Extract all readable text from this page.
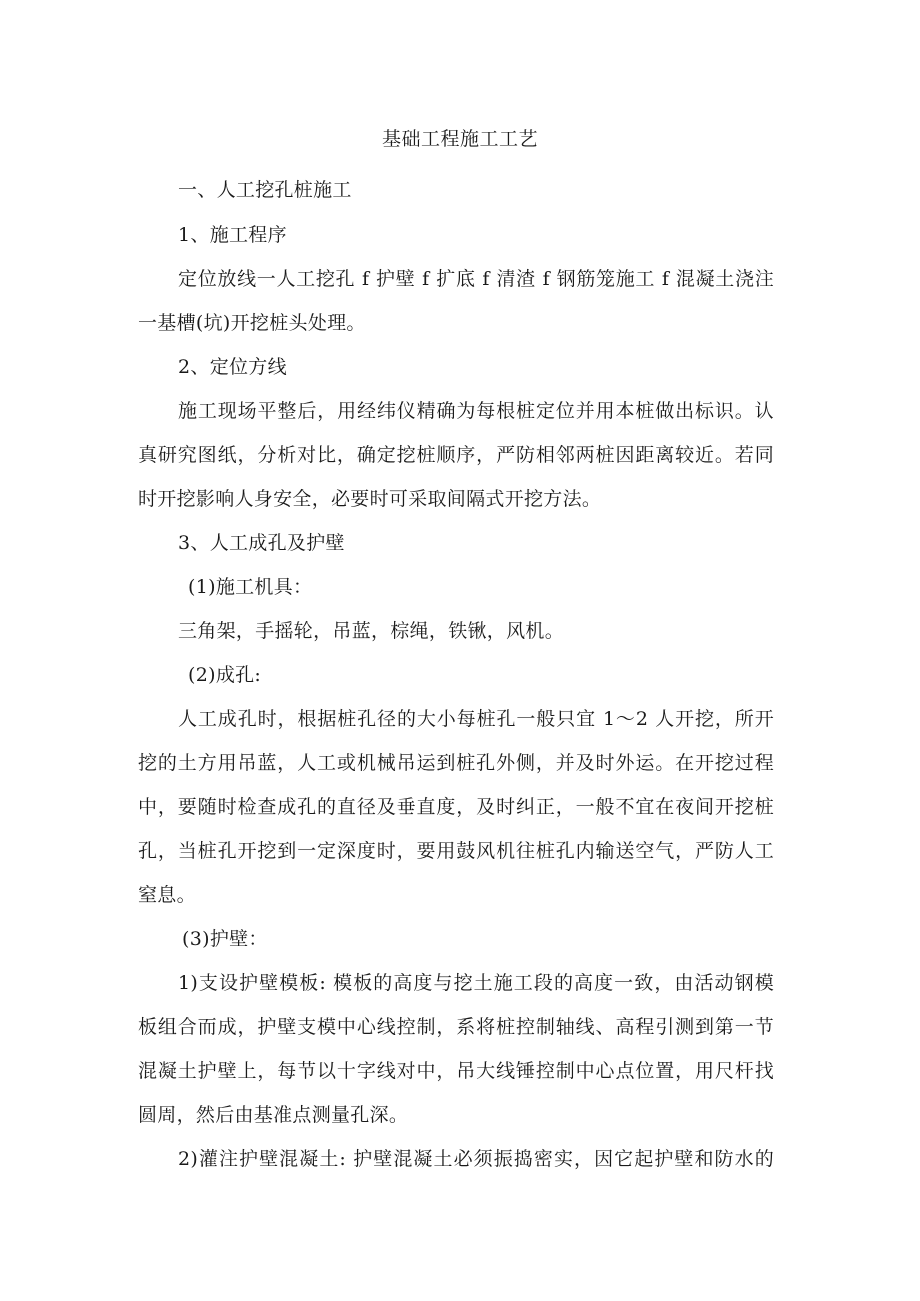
基础工程施工工艺
一、人工挖孔桩施工
1、施工程序
定位放线一人工挖孔 f 护壁 f 扩底 f 清渣 f 钢筋笼施工 f 混凝土浇注
一基槽(坑)开挖桩头处理。
2、定位方线
施工现场平整后，用经纬仪精确为每根桩定位并用本桩做出标识。认
真研究图纸，分析对比，确定挖桩顺序，严防相邻两桩因距离较近。若同
时开挖影响人身安全，必要时可采取间隔式开挖方法。
3、人工成孔及护壁
(1)施工机具：
三角架，手摇轮，吊蓝，棕绳，铁锹，风机。
(2)成孔:
人工成孔时，根据桩孔径的大小每桩孔一般只宜 1～2 人开挖，所开
挖的土方用吊蓝，人工或机械吊运到桩孔外侧，并及时外运。在开挖过程
中，要随时检查成孔的直径及垂直度，及时纠正，一般不宜在夜间开挖桩
孔，当桩孔开挖到一定深度时，要用鼓风机往桩孔内输送空气，严防人工
窒息。
(3)护壁：
1)支设护壁模板: 模板的高度与挖土施工段的高度一致，由活动钢模
板组合而成，护壁支模中心线控制，系将桩控制轴线、高程引测到第一节
混凝土护壁上，每节以十字线对中，吊大线锤控制中心点位置，用尺杆找
圆周，然后由基准点测量孔深。
2)灌注护壁混凝土: 护壁混凝土必须振捣密实，因它起护壁和防水的
